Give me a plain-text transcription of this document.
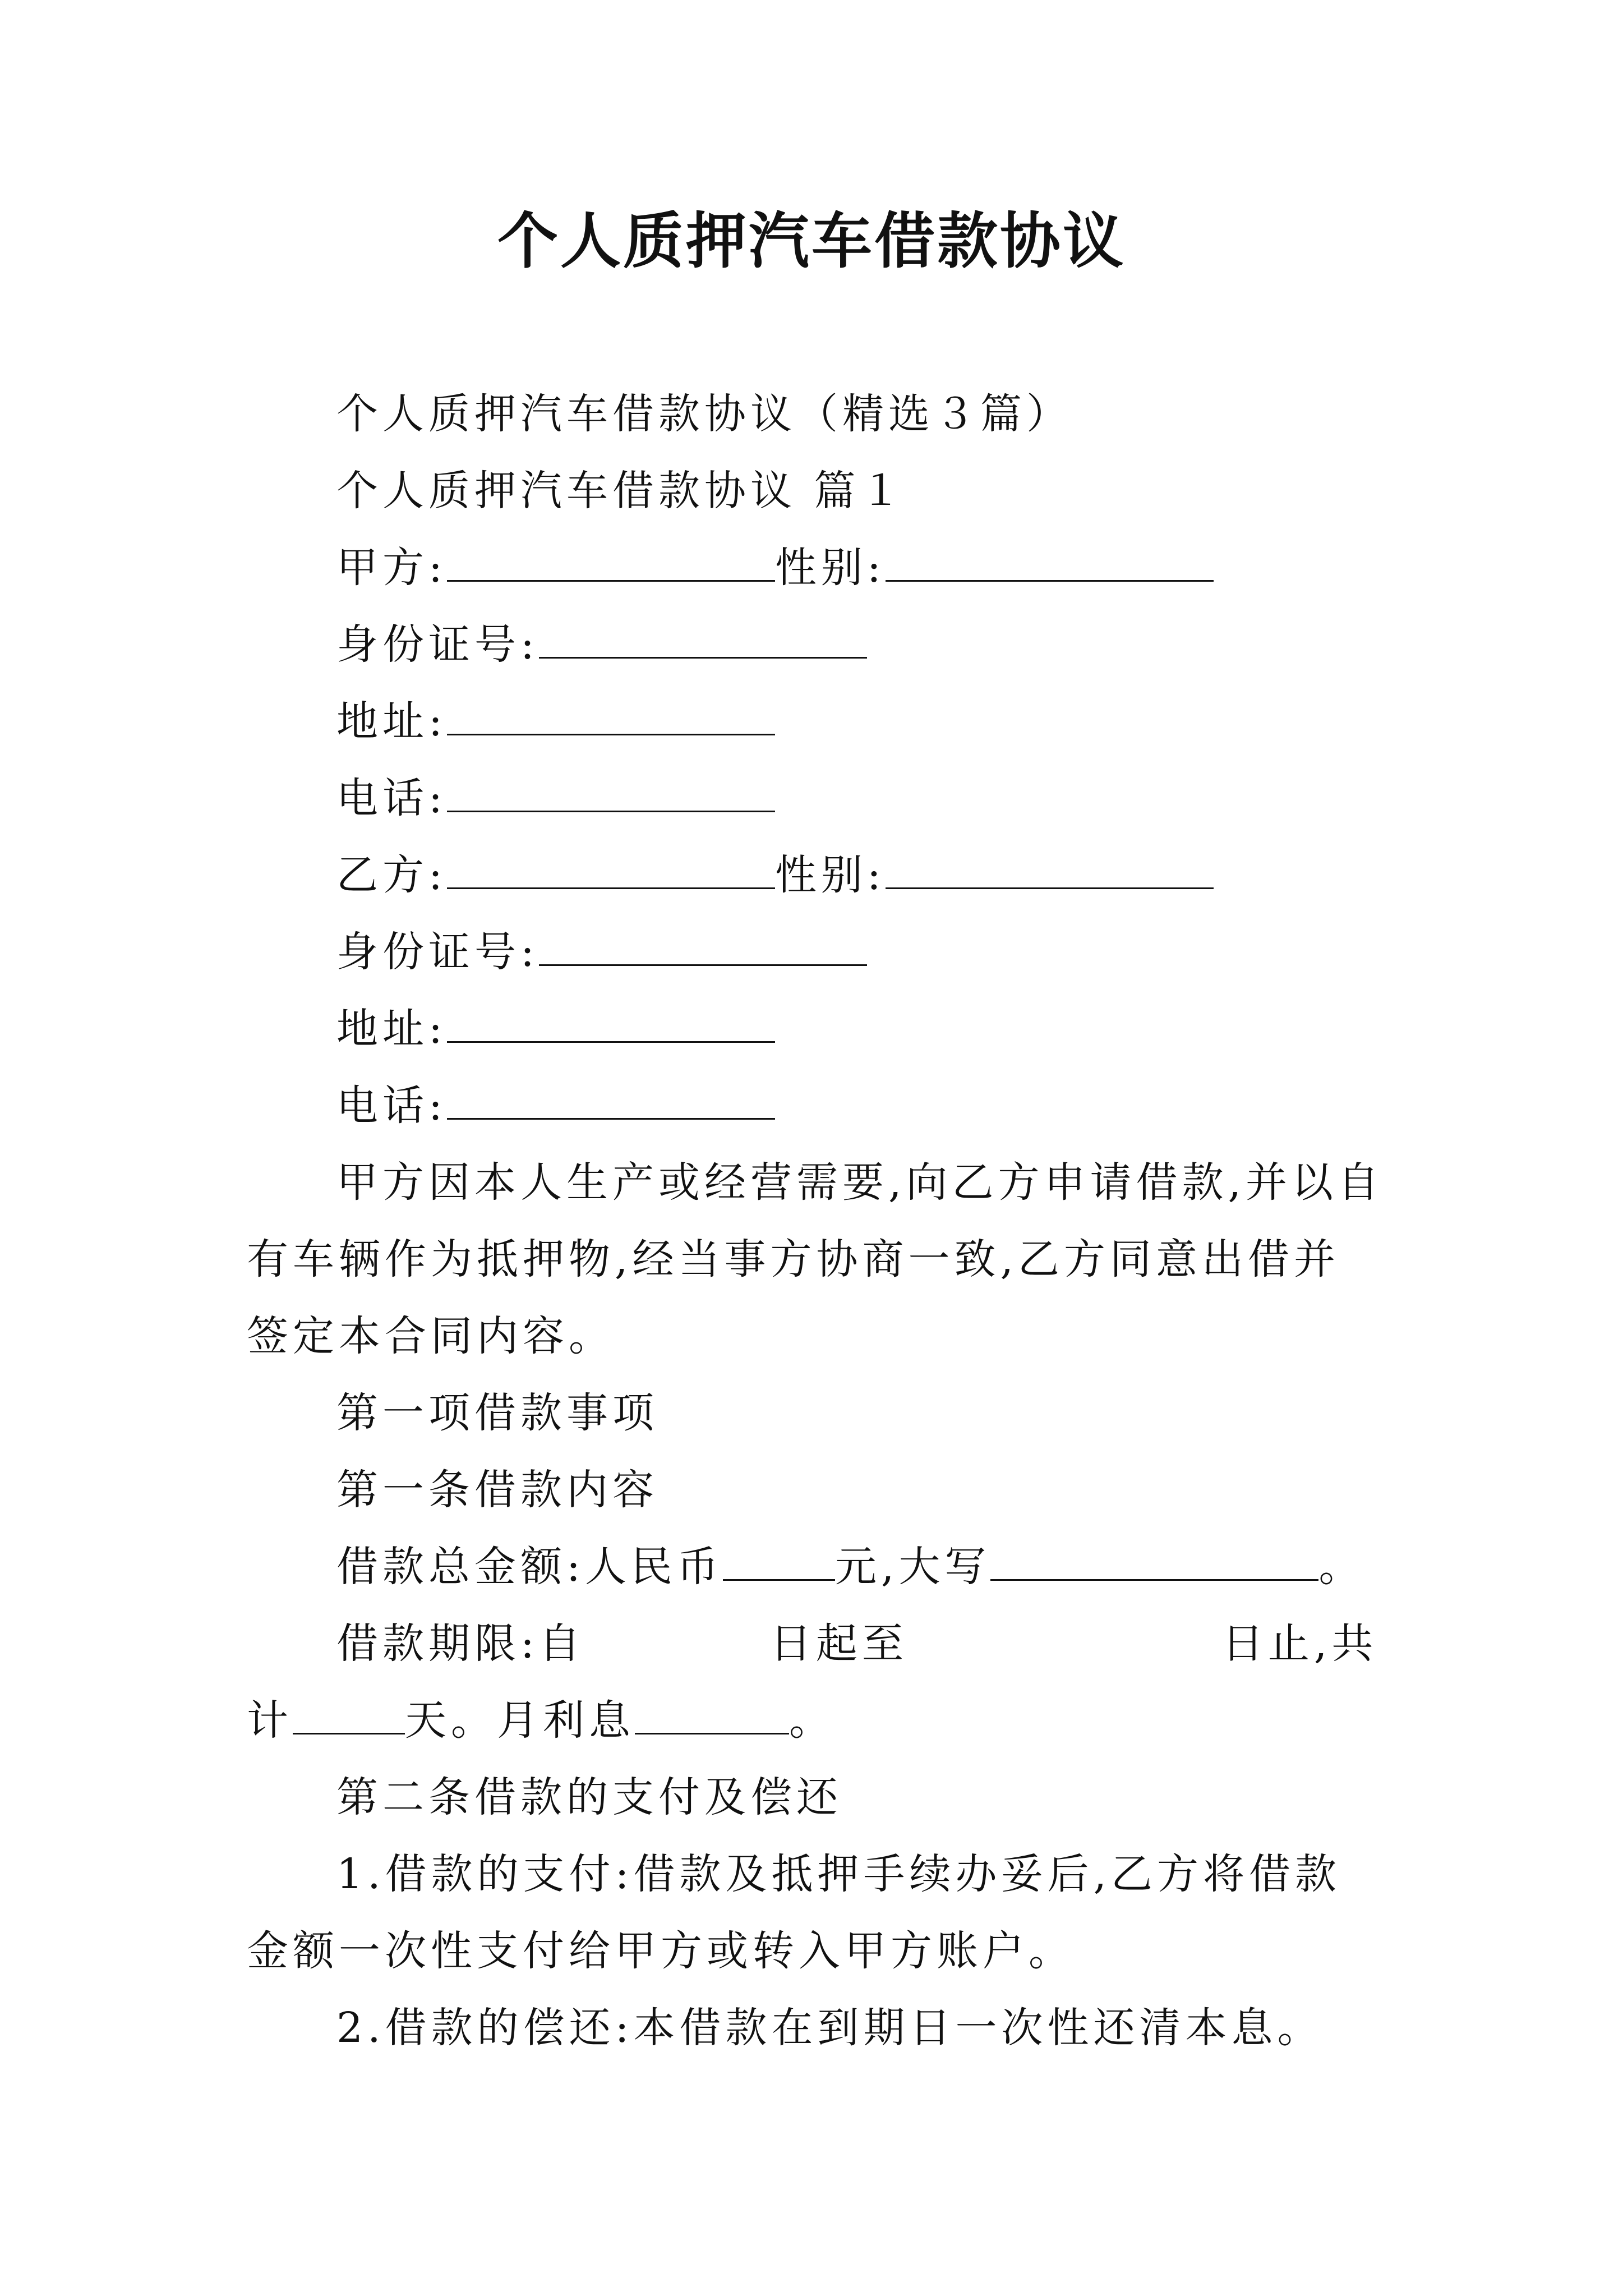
个人质押汽车借款协议

个人质押汽车借款协议（精选３篇）

个人质押汽车借款协议 篇１

甲方:	性别:

身份证号:

地址:

电话:

乙方:	性别:

身份证号:

地址:

电话:

甲方因本人生产或经营需要,向乙方申请借款,并以自有车辆作为抵押物,经当事方协商一致,乙方同意出借并签定本合同内容。

第一项借款事项

第一条借款内容

借款总金额:人民币	元,大写	。

借款期限:自	日起至	日止,共计	天。月利息	。

第二条借款的支付及偿还

1.借款的支付:借款及抵押手续办妥后,乙方将借款金额一次性支付给甲方或转入甲方账户。

2.借款的偿还:本借款在到期日一次性还清本息。
